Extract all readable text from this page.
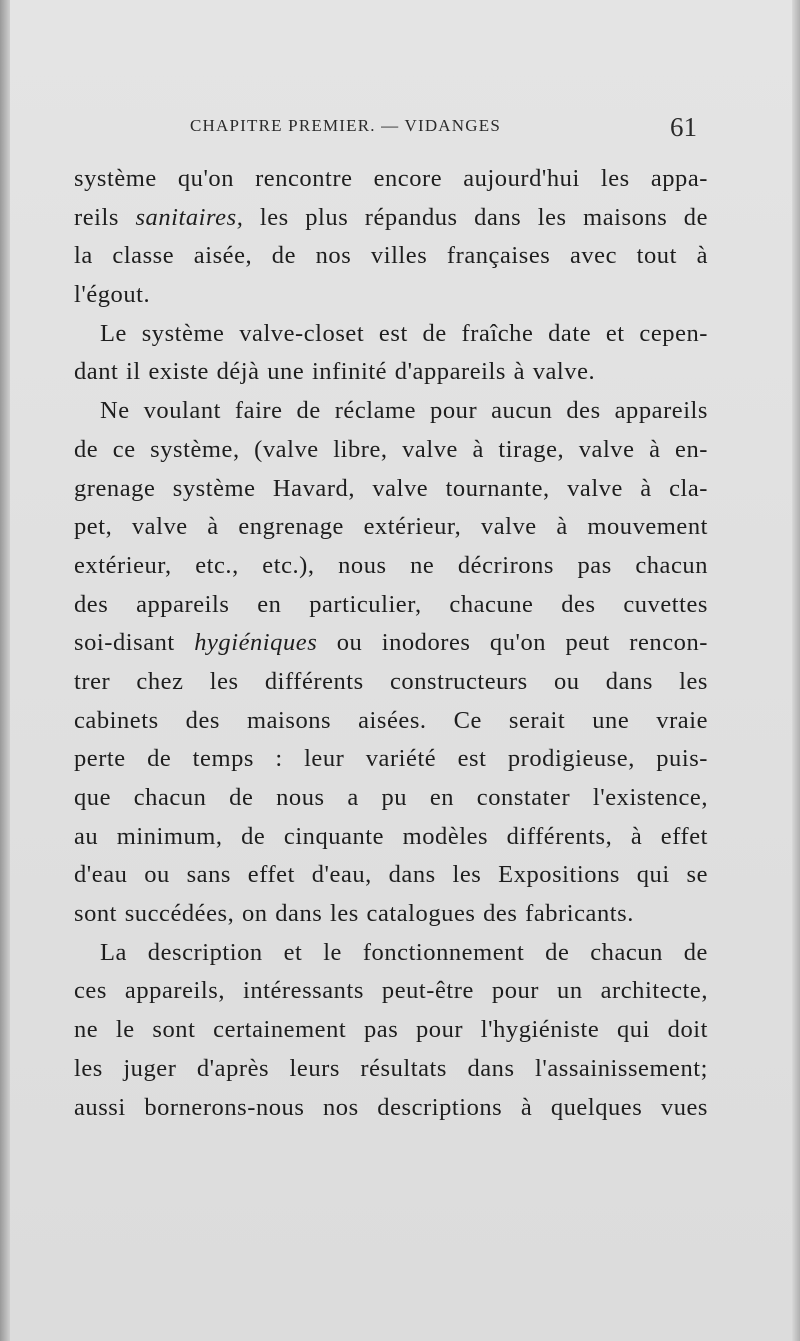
CHAPITRE PREMIER. — VIDANGES	61
système qu'on rencontre encore aujourd'hui les appa-
reils sanitaires, les plus répandus dans les maisons de
la classe aisée, de nos villes françaises avec tout à
l'égout.
Le système valve-closet est de fraîche date et cepen-
dant il existe déjà une infinité d'appareils à valve.
Ne voulant faire de réclame pour aucun des appareils
de ce système, (valve libre, valve à tirage, valve à en-
grenage système Havard, valve tournante, valve à cla-
pet, valve à engrenage extérieur, valve à mouvement
extérieur, etc., etc.), nous ne décrirons pas chacun
des appareils en particulier, chacune des cuvettes
soi-disant hygiéniques ou inodores qu'on peut rencon-
trer chez les différents constructeurs ou dans les
cabinets des maisons aisées. Ce serait une vraie
perte de temps : leur variété est prodigieuse, puis-
que chacun de nous a pu en constater l'existence,
au minimum, de cinquante modèles différents, à effet
d'eau ou sans effet d'eau, dans les Expositions qui se
sont succédées, on dans les catalogues des fabricants.
La description et le fonctionnement de chacun de
ces appareils, intéressants peut-être pour un architecte,
ne le sont certainement pas pour l'hygiéniste qui doit
les juger d'après leurs résultats dans l'assainissement;
aussi bornerons-nous nos descriptions à quelques vues
